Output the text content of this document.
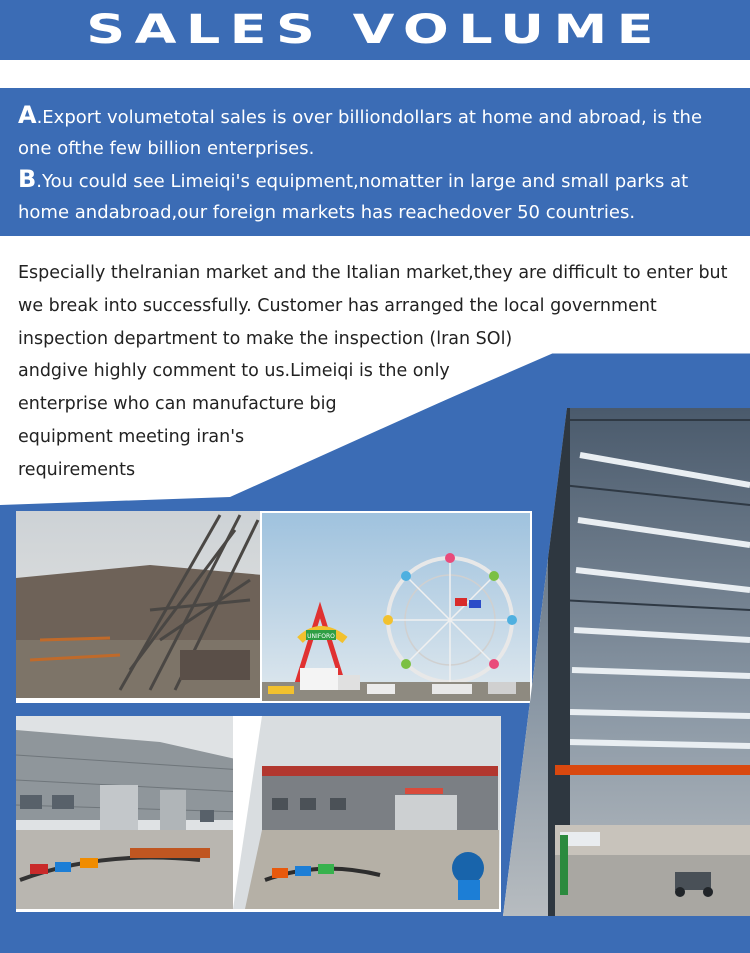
SALES VOLUME

A.Export volumetotal sales is over billiondollars at home and abroad, is the one ofthe few billion enterprises.

B.You could see Limeiqi's equipment,nomatter in large and small parks at home andabroad,our foreign markets has reachedover 50 countries.

UNIFORO
Especially thelranian market and the Italian market,they are difficult to enter but
we break into successfully. Customer has arranged the local government
inspection department to make the inspection (lran SOl)
andgive highly comment to us.Limeiqi is the only
enterprise who can manufacture big
equipment meeting iran's
requirements
